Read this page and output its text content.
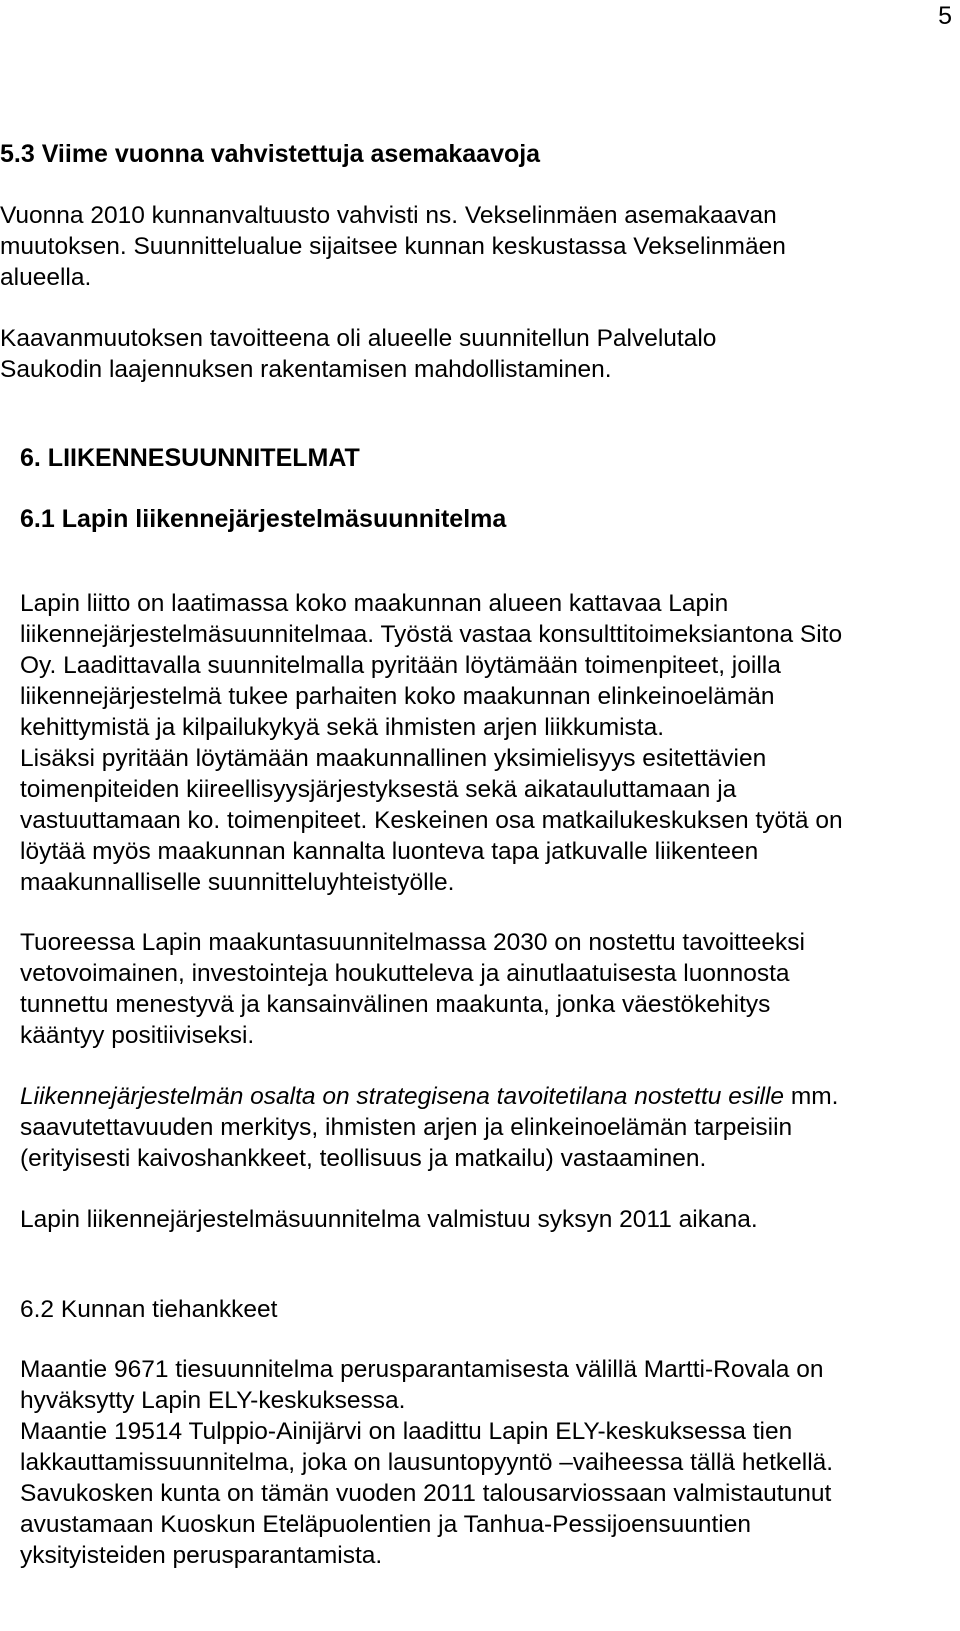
5
5.3 Viime vuonna vahvistettuja asemakaavoja
Vuonna 2010 kunnanvaltuusto vahvisti ns. Vekselinmäen asemakaavan
muutoksen. Suunnittelualue sijaitsee kunnan keskustassa Vekselinmäen
alueella.
Kaavanmuutoksen tavoitteena oli alueelle suunnitellun Palvelutalo
Saukodin laajennuksen rakentamisen mahdollistaminen.
6. LIIKENNESUUNNITELMAT
6.1 Lapin liikennejärjestelmäsuunnitelma
Lapin liitto on laatimassa koko maakunnan alueen kattavaa Lapin
liikennejärjestelmäsuunnitelmaa. Työstä vastaa konsulttitoimeksiantona Sito
Oy. Laadittavalla suunnitelmalla pyritään löytämään toimenpiteet, joilla
liikennejärjestelmä tukee parhaiten koko maakunnan elinkeinoelämän
kehittymistä ja kilpailukykyä sekä ihmisten arjen liikkumista.
Lisäksi pyritään löytämään maakunnallinen yksimielisyys esitettävien
toimenpiteiden kiireellisyysjärjestyksestä sekä aikatauluttamaan ja
vastuuttamaan ko. toimenpiteet. Keskeinen osa matkailukeskuksen työtä on
löytää myös maakunnan kannalta luonteva tapa jatkuvalle liikenteen
maakunnalliselle suunnitteluyhteistyölle.
Tuoreessa Lapin maakuntasuunnitelmassa 2030 on nostettu tavoitteeksi
vetovoimainen, investointeja houkutteleva ja ainutlaatuisesta luonnosta
tunnettu menestyvä ja kansainvälinen maakunta, jonka väestökehitys
kääntyy positiiviseksi.
Liikennejärjestelmän osalta on strategisena tavoitetilana nostettu esille mm.
saavutettavuuden merkitys, ihmisten arjen ja elinkeinoelämän tarpeisiin
(erityisesti kaivoshankkeet, teollisuus ja matkailu) vastaaminen.
Lapin liikennejärjestelmäsuunnitelma valmistuu syksyn 2011 aikana.
6.2 Kunnan tiehankkeet
Maantie 9671 tiesuunnitelma perusparantamisesta välillä Martti-Rovala on
hyväksytty Lapin ELY-keskuksessa.
Maantie 19514 Tulppio-Ainijärvi on laadittu Lapin ELY-keskuksessa tien
lakkauttamissuunnitelma, joka on lausuntopyyntö –vaiheessa tällä hetkellä.
Savukosken kunta on tämän vuoden 2011 talousarviossaan valmistautunut
avustamaan Kuoskun Eteläpuolentien ja Tanhua-Pessijoensuuntien
yksityisteiden perusparantamista.
